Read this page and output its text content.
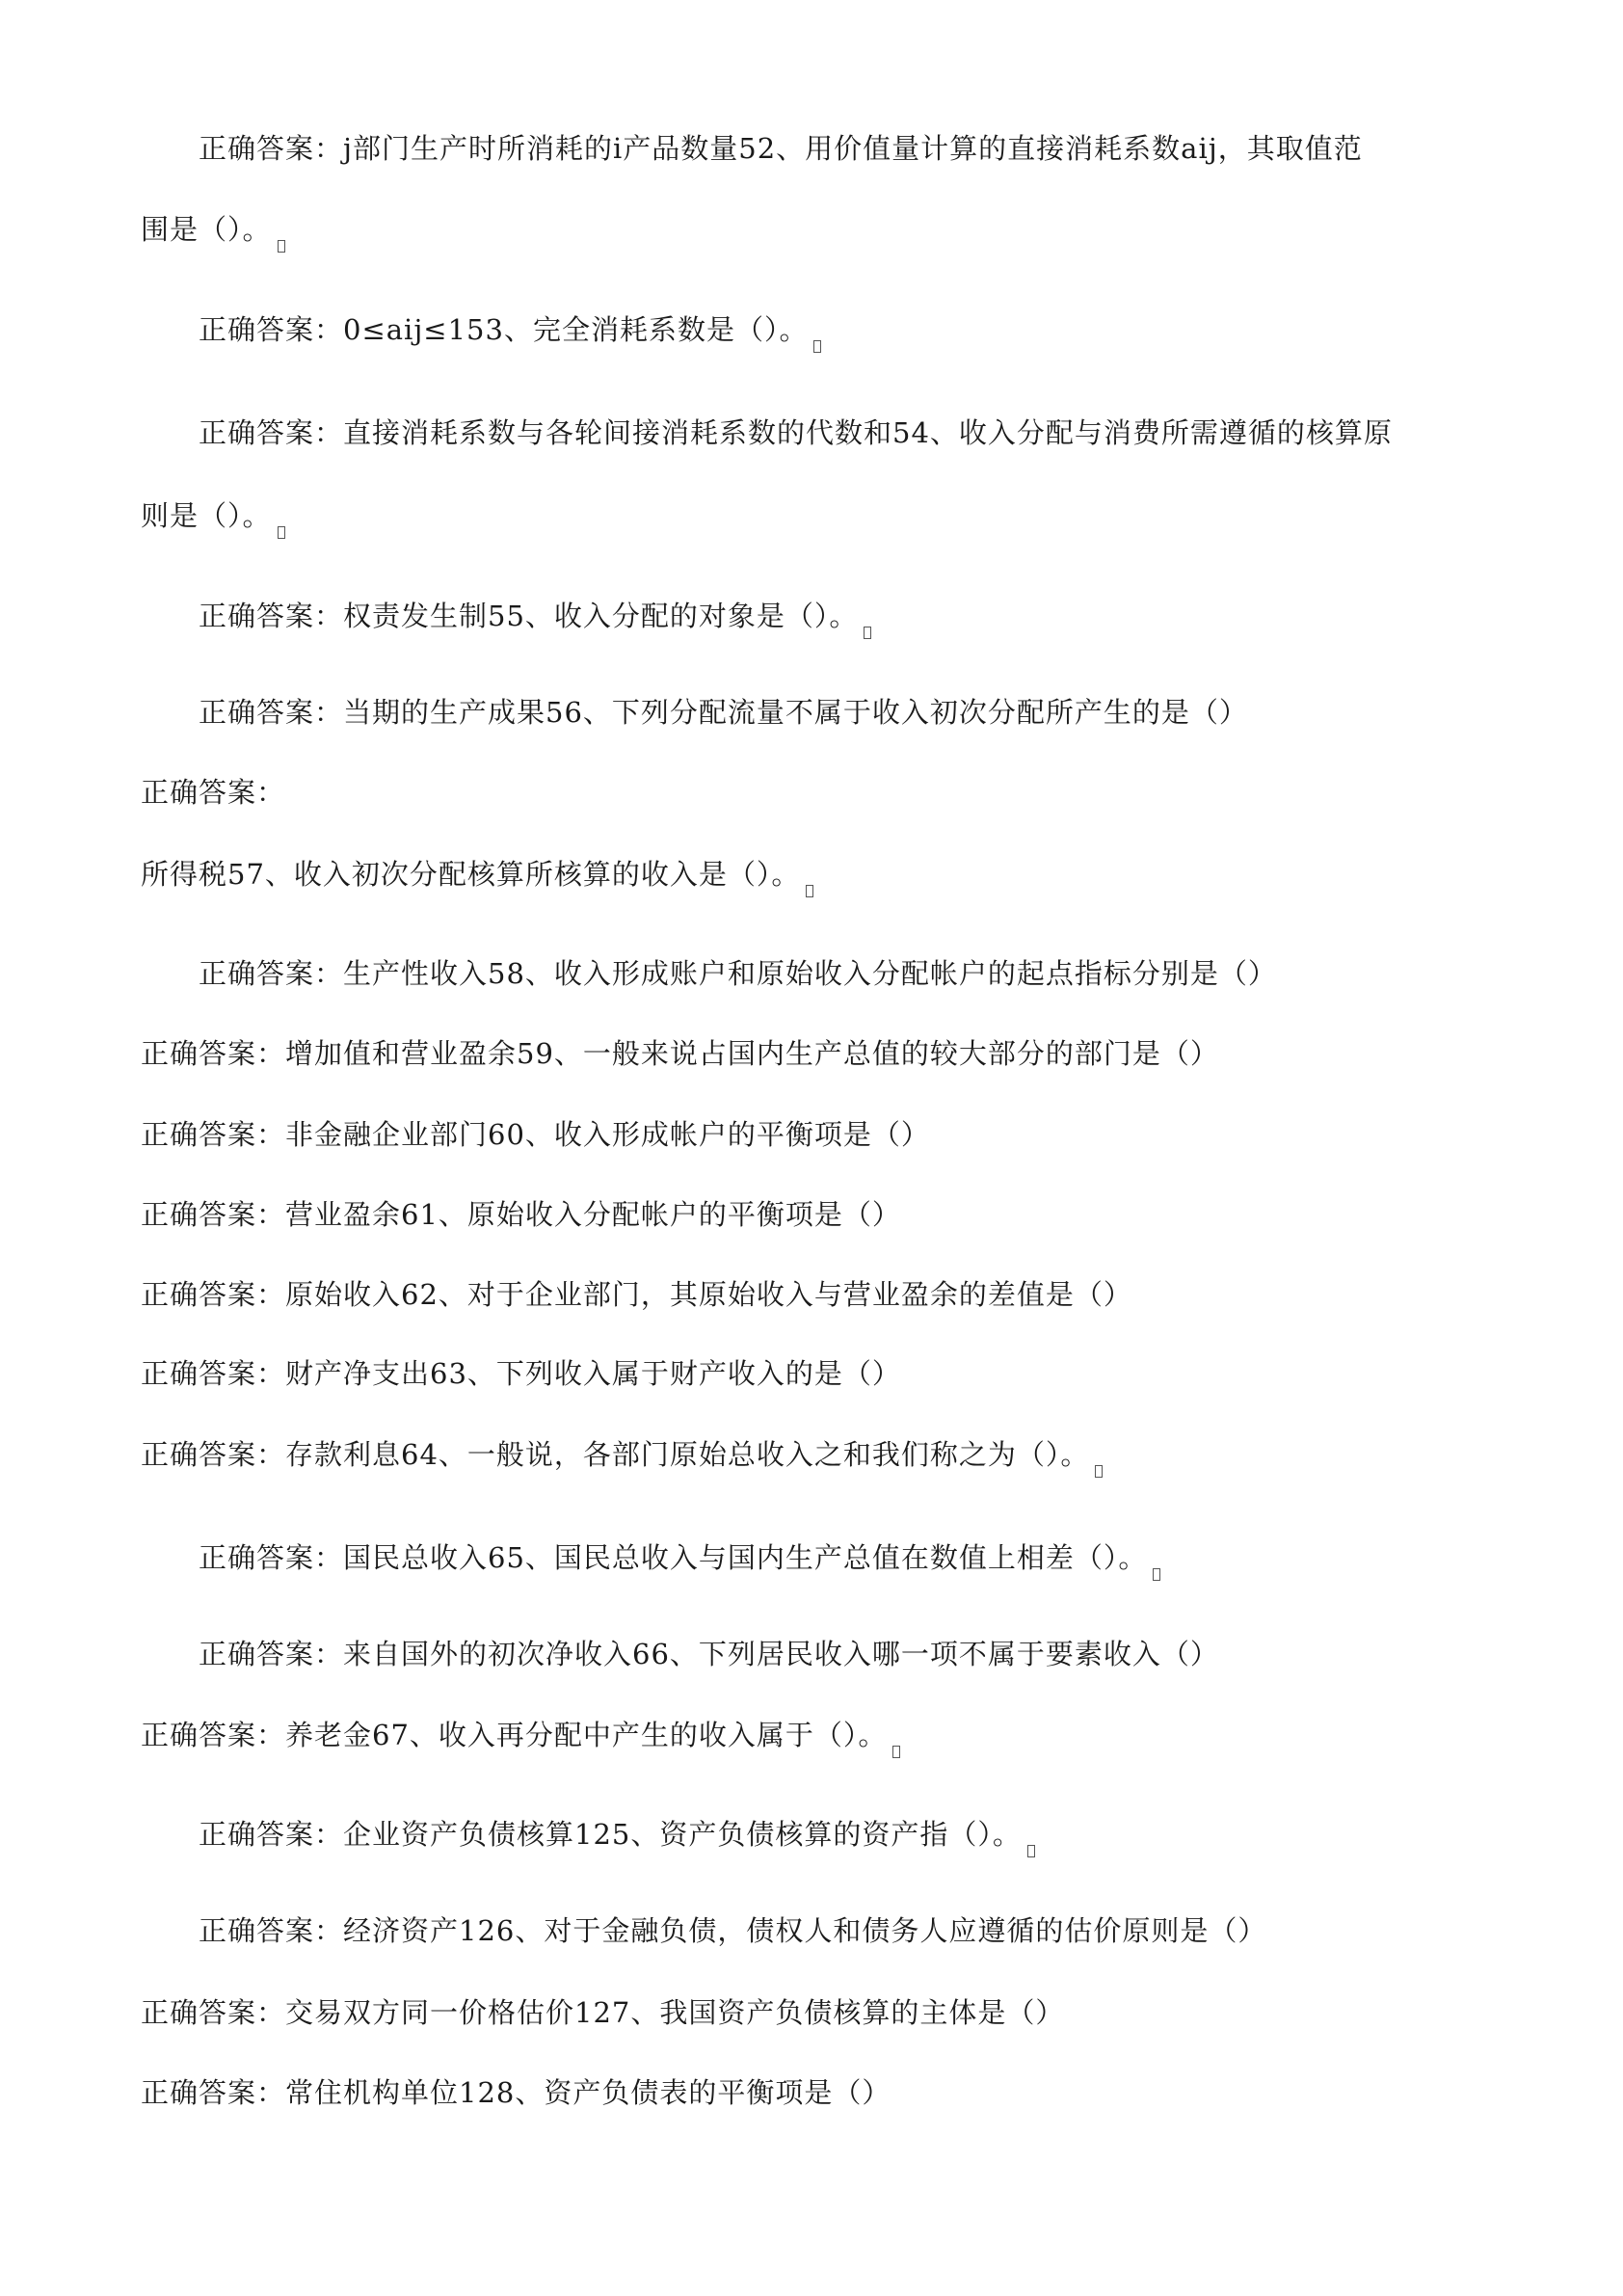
正确答案：j部门生产时所消耗的i产品数量52、用价值量计算的直接消耗系数aij，其取值范
围是（）。
正确答案：0≤aij≤153、完全消耗系数是（）。
正确答案：直接消耗系数与各轮间接消耗系数的代数和54、收入分配与消费所需遵循的核算原
则是（）。
正确答案：权责发生制55、收入分配的对象是（）。
正确答案：当期的生产成果56、下列分配流量不属于收入初次分配所产生的是（）
正确答案：
所得税57、收入初次分配核算所核算的收入是（）。
正确答案：生产性收入58、收入形成账户和原始收入分配帐户的起点指标分别是（）
正确答案：增加值和营业盈余59、一般来说占国内生产总值的较大部分的部门是（）
正确答案：非金融企业部门60、收入形成帐户的平衡项是（）
正确答案：营业盈余61、原始收入分配帐户的平衡项是（）
正确答案：原始收入62、对于企业部门，其原始收入与营业盈余的差值是（）
正确答案：财产净支出63、下列收入属于财产收入的是（）
正确答案：存款利息64、一般说，各部门原始总收入之和我们称之为（）。
正确答案：国民总收入65、国民总收入与国内生产总值在数值上相差（）。
正确答案：来自国外的初次净收入66、下列居民收入哪一项不属于要素收入（）
正确答案：养老金67、收入再分配中产生的收入属于（）。
正确答案：企业资产负债核算125、资产负债核算的资产指（）。
正确答案：经济资产126、对于金融负债，债权人和债务人应遵循的估价原则是（）
正确答案：交易双方同一价格估价127、我国资产负债核算的主体是（）
正确答案：常住机构单位128、资产负债表的平衡项是（）
